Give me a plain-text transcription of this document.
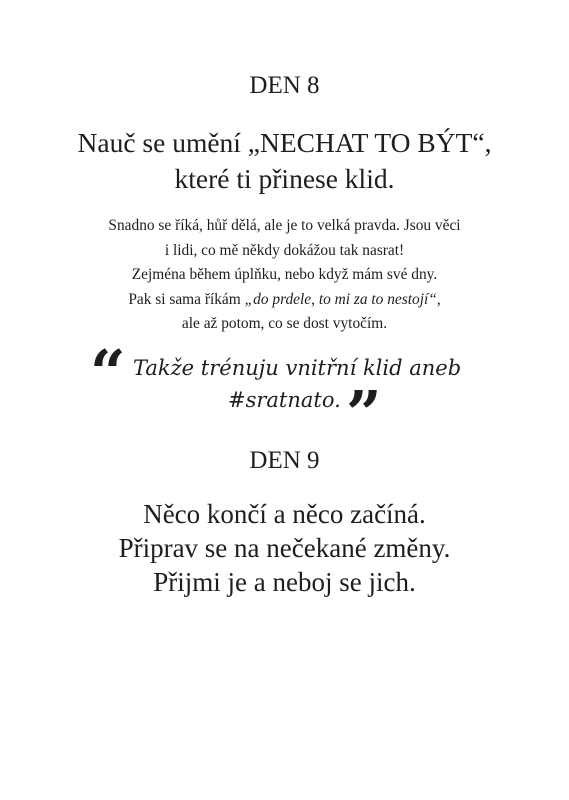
DEN 8
Nauč se umění „NECHAT TO BÝT“,
které ti přinese klid.
Snadno se říká, hůř dělá, ale je to velká pravda. Jsou věci
i lidi, co mě někdy dokážou tak nasrat!
Zejména během úplňku, nebo když mám své dny.
Pak si sama říkám „do prdele, to mi za to nestojí“,
ale až potom, co se dost vytočím.
“ Takže trénuju vnitřní klid aneb
#sratnato. ”
DEN 9
Něco končí a něco začíná.
Připrav se na nečekané změny.
Přijmi je a neboj se jich.
